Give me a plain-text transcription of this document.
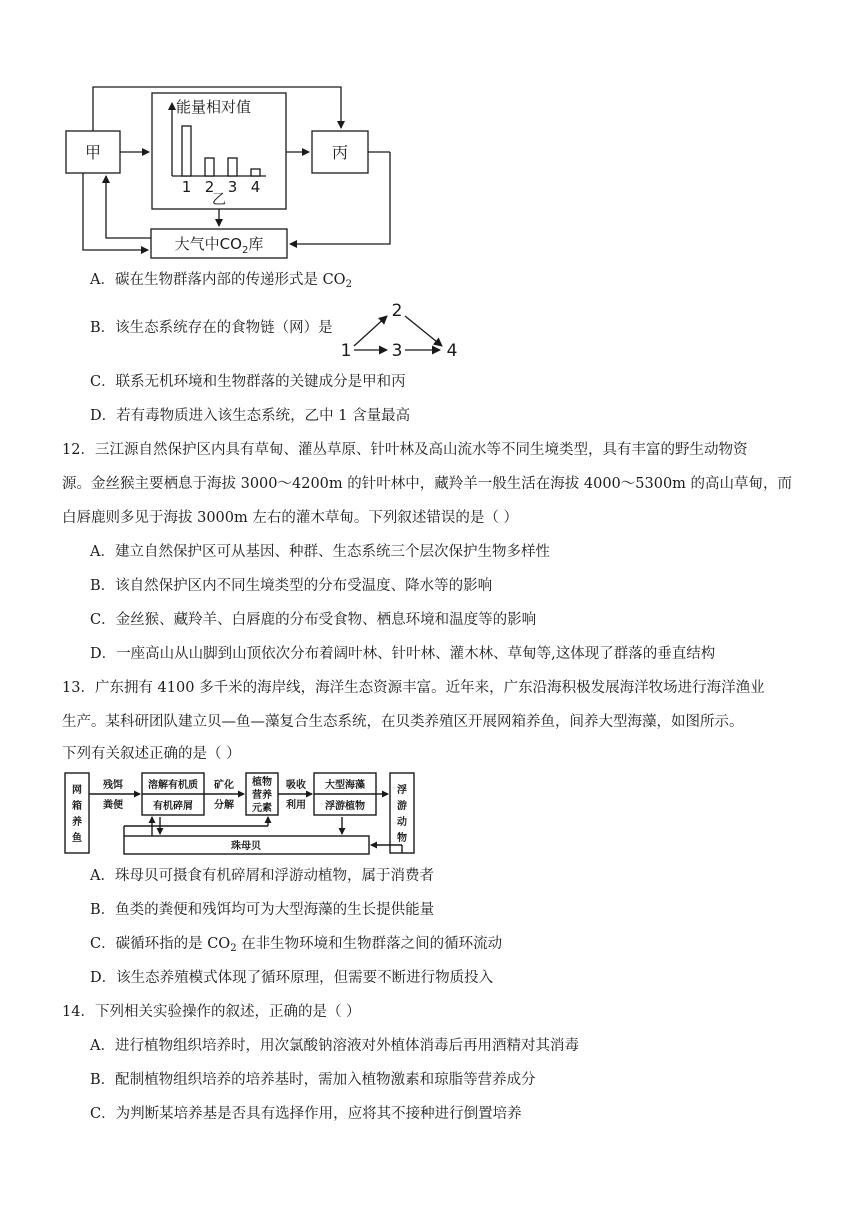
1 2 3 4
甲	丙
能量相对值
乙
大气中$CO_2$库
A．碳在生物群落内部的传递形式是 $CO_2$
B．该生态系统存在的食物链（网）是
1
2
3	4
C．联系无机环境和生物群落的关键成分是甲和丙
D．若有毒物质进入该生态系统，乙中 1 含量最高
12．三江源自然保护区内具有草甸、灌丛草原、针叶林及高山流水等不同生境类型，具有丰富的野生动物资
源。金丝猴主要栖息于海拔 3000～4200m 的针叶林中，藏羚羊一般生活在海拔 4000～5300m 的高山草甸，而
白唇鹿则多见于海拔 3000m 左右的灌木草甸。下列叙述错误的是（ ）
A．建立自然保护区可从基因、种群、生态系统三个层次保护生物多样性
B．该自然保护区内不同生境类型的分布受温度、降水等的影响
C．金丝猴、藏羚羊、白唇鹿的分布受食物、栖息环境和温度等的影响
D．一座高山从山脚到山顶依次分布着阔叶林、针叶林、灌木林、草甸等,这体现了群落的垂直结构
13．广东拥有 4100 多千米的海岸线，海洋生态资源丰富。近年来，广东沿海积极发展海洋牧场进行海洋渔业
生产。某科研团队建立贝—鱼—藻复合生态系统，在贝类养殖区开展网箱养鱼，间养大型海藻，如图所示。
下列有关叙述正确的是（ ）
网
箱
养
鱼
残饵
粪便
溶解有机质
有机碎屑
矿化
分解
植物
营养
元素
吸收
利用
大型海藻
浮游植物
浮
游
动
物
珠母贝
A．珠母贝可摄食有机碎屑和浮游动植物，属于消费者
B．鱼类的粪便和残饵均可为大型海藻的生长提供能量
C．碳循环指的是 $CO_2$ 在非生物环境和生物群落之间的循环流动
D．该生态养殖模式体现了循环原理，但需要不断进行物质投入
14．下列相关实验操作的叙述，正确的是（ ）
A．进行植物组织培养时，用次氯酸钠溶液对外植体消毒后再用酒精对其消毒
B．配制植物组织培养的培养基时，需加入植物激素和琼脂等营养成分
C．为判断某培养基是否具有选择作用，应将其不接种进行倒置培养
